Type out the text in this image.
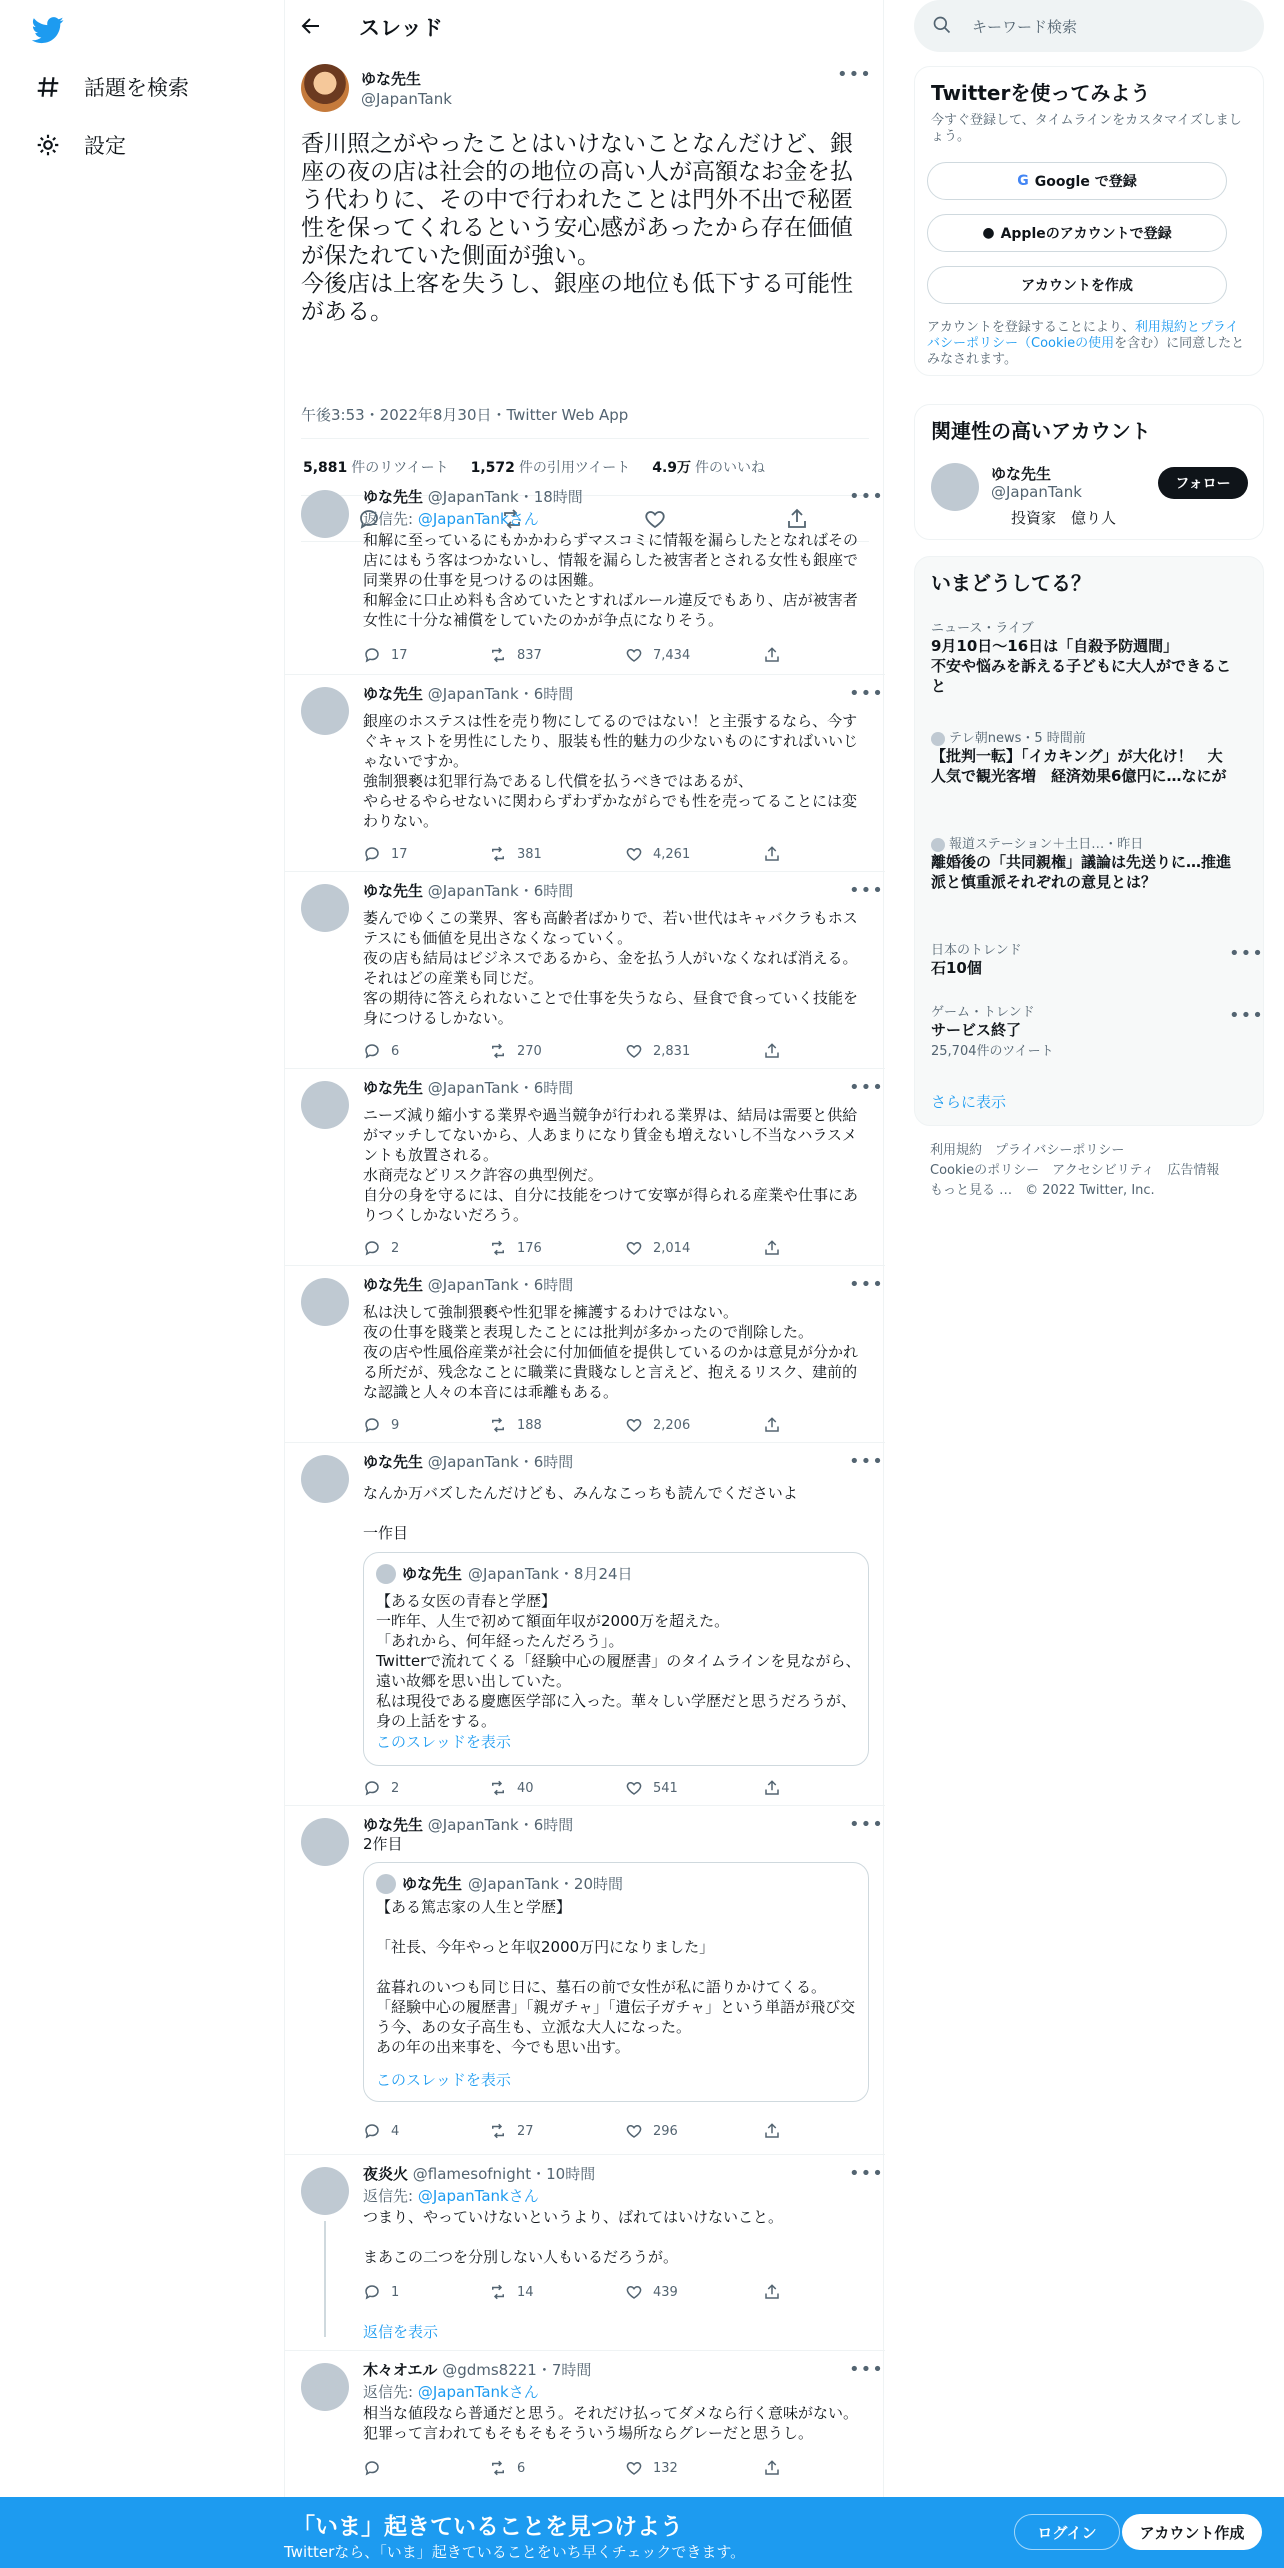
話題を検索
設定
スレッド
ゆな先生
@JapanTank
•••
香川照之がやったことはいけないことなんだけど、銀座の夜の店は社会的の地位の高い人が高額なお金を払う代わりに、その中で行われたことは門外不出で秘匿性を保ってくれるという安心感があったから存在価値が保たれていた側面が強い。
今後店は上客を失うし、銀座の地位も低下する可能性がある。
午後3:53・2022年8月30日・Twitter Web App
5,881 件のリツイート 1,572 件の引用ツイート 4.9万 件のいいね
ゆな先生 @JapanTank・18時間	•••
返信先: @JapanTankさん
和解に至っているにもかかわらずマスコミに情報を漏らしたとなればその店にはもう客はつかないし、情報を漏らした被害者とされる女性も銀座で同業界の仕事を見つけるのは困難。
和解金に口止め料も含めていたとすればルール違反でもあり、店が被害者女性に十分な補償をしていたのかが争点になりそう。
17	837	7,434
ゆな先生 @JapanTank・6時間	•••
銀座のホステスは性を売り物にしてるのではない！と主張するなら、今すぐキャストを男性にしたり、服装も性的魅力の少ないものにすればいいじゃないですか。
強制猥褻は犯罪行為であるし代償を払うべきではあるが、
やらせるやらせないに関わらずわずかながらでも性を売ってることには変わりない。
17	381	4,261
ゆな先生 @JapanTank・6時間	•••
萎んでゆくこの業界、客も高齢者ばかりで、若い世代はキャバクラもホステスにも価値を見出さなくなっていく。
夜の店も結局はビジネスであるから、金を払う人がいなくなれば消える。
それはどの産業も同じだ。
客の期待に答えられないことで仕事を失うなら、昼食で食っていく技能を身につけるしかない。
6	270	2,831
ゆな先生 @JapanTank・6時間	•••
ニーズ減り縮小する業界や過当競争が行われる業界は、結局は需要と供給がマッチしてないから、人あまりになり賃金も増えないし不当なハラスメントも放置される。
水商売などリスク許容の典型例だ。
自分の身を守るには、自分に技能をつけて安寧が得られる産業や仕事にありつくしかないだろう。
2	176	2,014
ゆな先生 @JapanTank・6時間	•••
私は決して強制猥褻や性犯罪を擁護するわけではない。
夜の仕事を賤業と表現したことには批判が多かったので削除した。
夜の店や性風俗産業が社会に付加価値を提供しているのかは意見が分かれる所だが、残念なことに職業に貴賤なしと言えど、抱えるリスク、建前的な認識と人々の本音には乖離もある。
9	188	2,206
ゆな先生 @JapanTank・6時間	•••
なんか万バズしたんだけども、みんなこっちも読んでくださいよ

一作目
ゆな先生 @JapanTank・8月24日
【ある女医の青春と学歴】
一昨年、人生で初めて額面年収が2000万を超えた。
「あれから、何年経ったんだろう」。
Twitterで流れてくる「経験中心の履歴書」のタイムラインを見ながら、遠い故郷を思い出していた。
私は現役である慶應医学部に入った。華々しい学歴だと思うだろうが、身の上話をする。
このスレッドを表示
2	40	541
ゆな先生 @JapanTank・6時間	•••
2作目
ゆな先生 @JapanTank・20時間
【ある篤志家の人生と学歴】

「社長、今年やっと年収2000万円になりました」

盆暮れのいつも同じ日に、墓石の前で女性が私に語りかけてくる。
「経験中心の履歴書」「親ガチャ」「遺伝子ガチャ」という単語が飛び交う今、あの女子高生も、立派な大人になった。
あの年の出来事を、今でも思い出す。
このスレッドを表示
4	27	296
夜炎火 @flamesofnight・10時間	•••
返信先: @JapanTankさん
つまり、やっていけないというより、ばれてはいけないこと。

まあこの二つを分別しない人もいるだろうが。
1	14	439
返信を表示
木々オエル @gdms8221・7時間	•••
返信先: @JapanTankさん
相当な値段なら普通だと思う。それだけ払ってダメなら行く意味がない。
犯罪って言われてもそもそもそういう場所ならグレーだと思うし。
6	132
キーワード検索
Twitterを使ってみよう
今すぐ登録して、タイムラインをカスタマイズしましょう。
G Google で登録
● Appleのアカウントで登録
アカウントを作成
アカウントを登録することにより、利用規約とプライバシーポリシー（Cookieの使用を含む）に同意したとみなされます。
関連性の高いアカウント
ゆな先生
@JapanTank
投資家　億り人
フォロー
いまどうしてる？
ニュース・ライブ
9月10日〜16日は「自殺予防週間」
不安や悩みを訴える子どもに大人ができること
テレ朝news・5 時間前
【批判一転】「イカキング」が大化け！　大人気で観光客増　経済効果6億円に…なにが
報道ステーション＋土日…・昨日
離婚後の「共同親権」議論は先送りに…推進派と慎重派それぞれの意見とは？
日本のトレンド
石10個
•••
ゲーム・トレンド
サービス終了
25,704件のツイート
•••
さらに表示
利用規約　プライバシーポリシー
Cookieのポリシー　アクセシビリティ　広告情報
もっと見る …　© 2022 Twitter, Inc.
「いま」起きていることを見つけよう
Twitterなら、「いま」起きていることをいち早くチェックできます。
ログイン	アカウント作成
